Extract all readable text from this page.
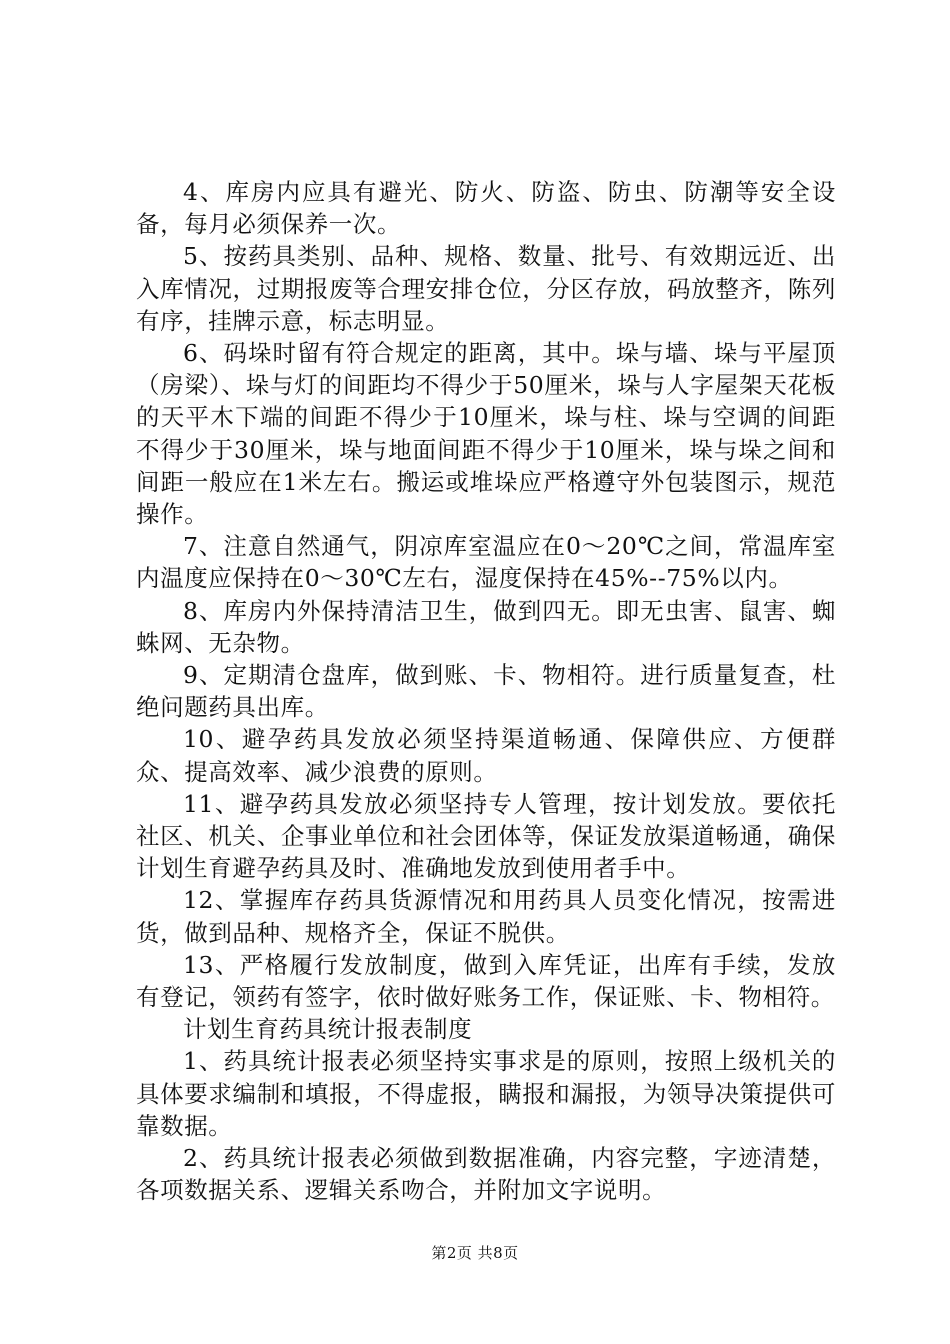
4、库房内应具有避光、防火、防盗、防虫、防潮等安全设备，每月必须保养一次。

5、按药具类别、品种、规格、数量、批号、有效期远近、出入库情况，过期报废等合理安排仓位，分区存放，码放整齐，陈列有序，挂牌示意，标志明显。

6、码垛时留有符合规定的距离，其中。垛与墙、垛与平屋顶（房梁）、垛与灯的间距均不得少于50厘米，垛与人字屋架天花板的天平木下端的间距不得少于10厘米，垛与柱、垛与空调的间距不得少于30厘米，垛与地面间距不得少于10厘米，垛与垛之间和间距一般应在1米左右。搬运或堆垛应严格遵守外包装图示，规范操作。

7、注意自然通气，阴凉库室温应在0～20℃之间，常温库室内温度应保持在0～30℃左右，湿度保持在45%--75%以内。

8、库房内外保持清洁卫生，做到四无。即无虫害、鼠害、蜘蛛网、无杂物。

9、定期清仓盘库，做到账、卡、物相符。进行质量复查，杜绝问题药具出库。

10、避孕药具发放必须坚持渠道畅通、保障供应、方便群众、提高效率、减少浪费的原则。

11、避孕药具发放必须坚持专人管理，按计划发放。要依托社区、机关、企事业单位和社会团体等，保证发放渠道畅通，确保计划生育避孕药具及时、准确地发放到使用者手中。

12、掌握库存药具货源情况和用药具人员变化情况，按需进货，做到品种、规格齐全，保证不脱供。

13、严格履行发放制度，做到入库凭证，出库有手续，发放有登记，领药有签字，依时做好账务工作，保证账、卡、物相符。

计划生育药具统计报表制度

1、药具统计报表必须坚持实事求是的原则，按照上级机关的具体要求编制和填报，不得虚报，瞒报和漏报，为领导决策提供可靠数据。

2、药具统计报表必须做到数据准确，内容完整，字迹清楚，各项数据关系、逻辑关系吻合，并附加文字说明。

第2页 共8页
